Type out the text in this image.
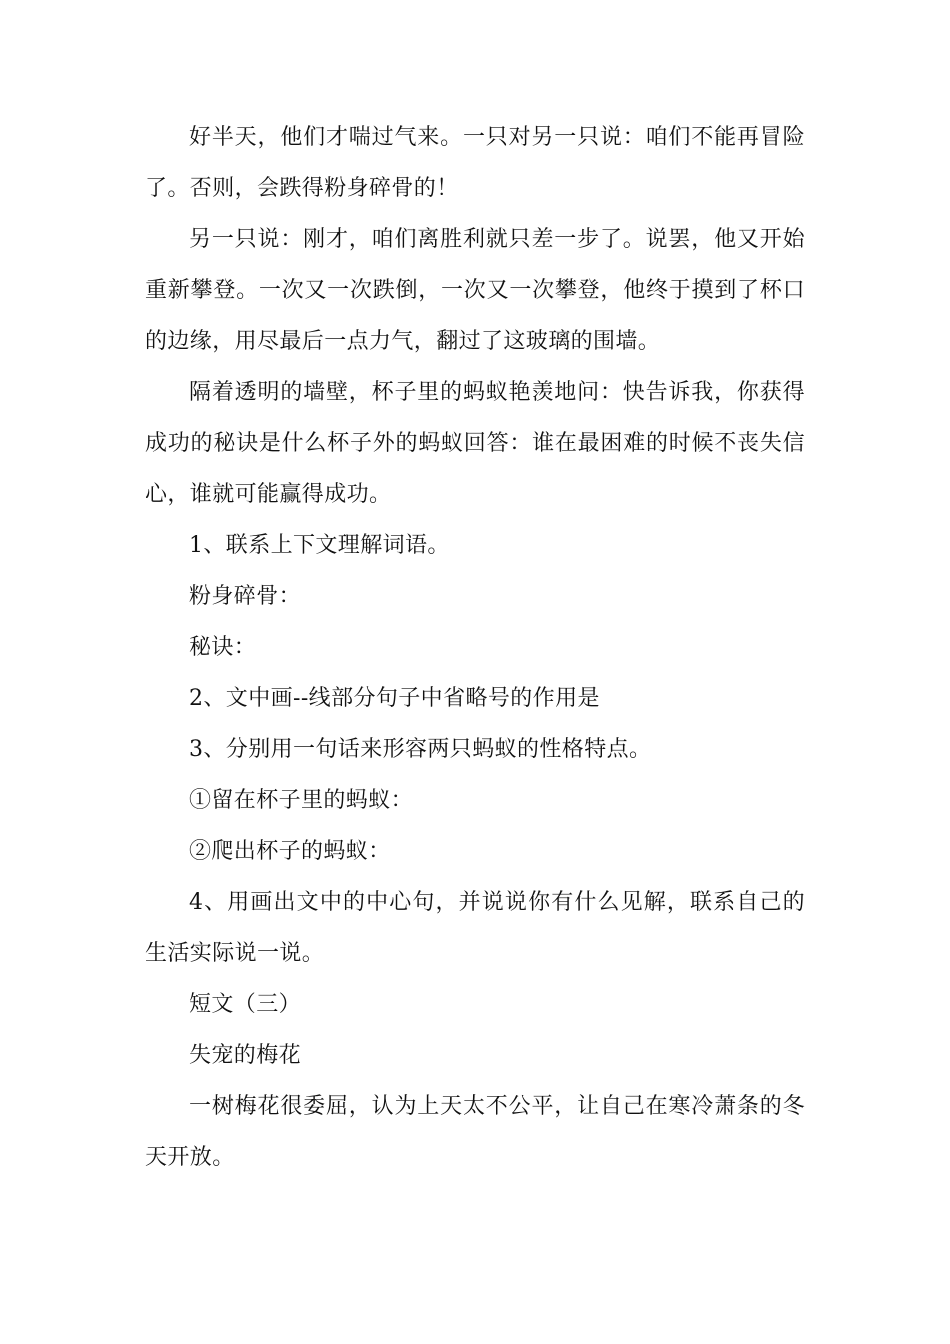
好半天，他们才喘过气来。一只对另一只说：咱们不能再冒险了。否则，会跌得粉身碎骨的！

另一只说：刚才，咱们离胜利就只差一步了。说罢，他又开始重新攀登。一次又一次跌倒，一次又一次攀登，他终于摸到了杯口的边缘，用尽最后一点力气，翻过了这玻璃的围墙。

隔着透明的墙壁，杯子里的蚂蚁艳羡地问：快告诉我，你获得成功的秘诀是什么杯子外的蚂蚁回答：谁在最困难的时候不丧失信心，谁就可能赢得成功。

1、联系上下文理解词语。

粉身碎骨：

秘诀：

2、文中画--线部分句子中省略号的作用是

3、分别用一句话来形容两只蚂蚁的性格特点。

①留在杯子里的蚂蚁：

②爬出杯子的蚂蚁：

4、用画出文中的中心句，并说说你有什么见解，联系自己的生活实际说一说。

短文（三）

失宠的梅花

一树梅花很委屈，认为上天太不公平，让自己在寒冷萧条的冬天开放。
